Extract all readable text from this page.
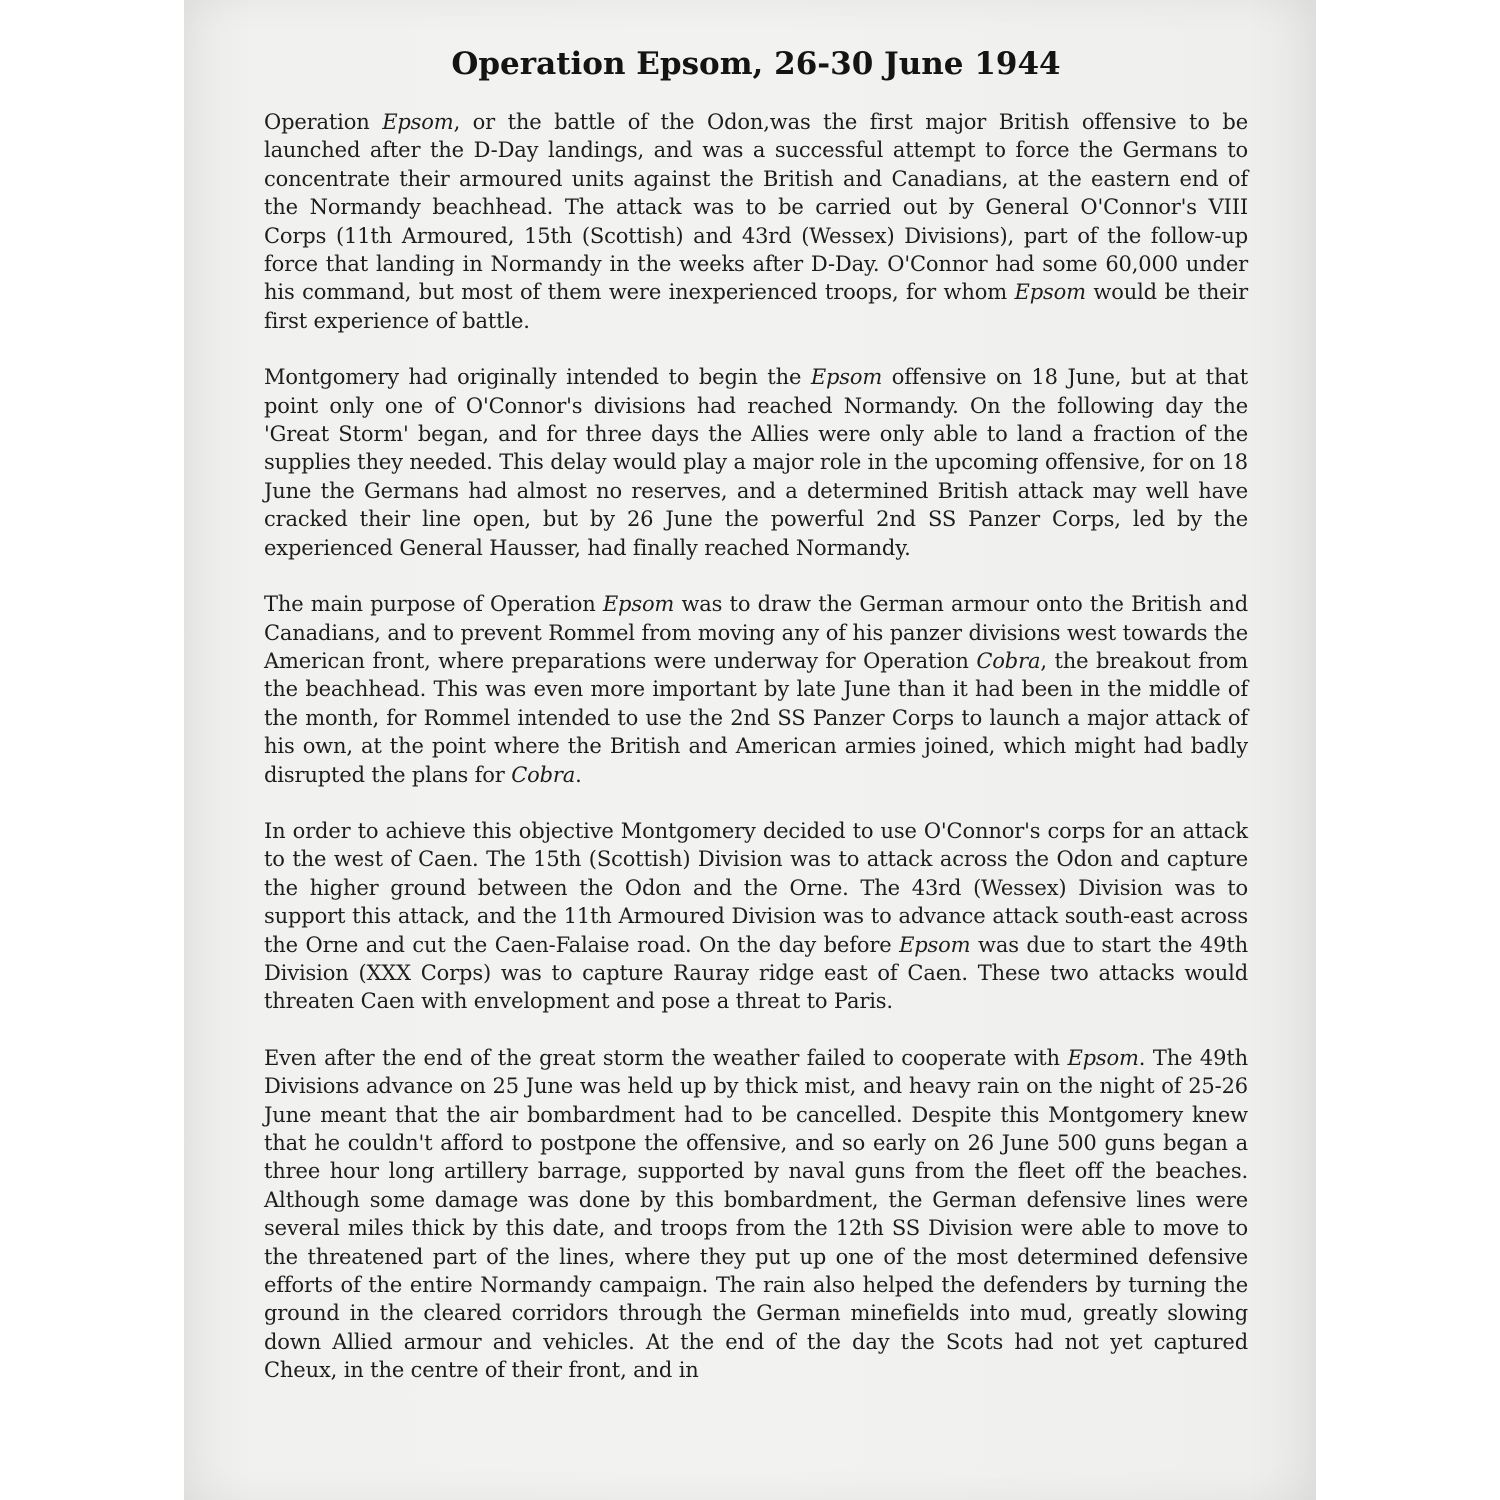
Operation Epsom, 26-30 June 1944

Operation Epsom, or the battle of the Odon,was the first major British offensive to be launched after the D-Day landings, and was a successful attempt to force the Germans to concentrate their armoured units against the British and Canadians, at the eastern end of the Normandy beachhead. The attack was to be carried out by General O'Connor's VIII Corps (11th Armoured, 15th (Scottish) and 43rd (Wessex) Divisions), part of the follow-up force that landing in Normandy in the weeks after D-Day. O'Connor had some 60,000 under his command, but most of them were inexperienced troops, for whom Epsom would be their first experience of battle.

Montgomery had originally intended to begin the Epsom offensive on 18 June, but at that point only one of O'Connor's divisions had reached Normandy. On the following day the 'Great Storm' began, and for three days the Allies were only able to land a fraction of the supplies they needed. This delay would play a major role in the upcoming offensive, for on 18 June the Germans had almost no reserves, and a determined British attack may well have cracked their line open, but by 26 June the powerful 2nd SS Panzer Corps, led by the experienced General Hausser, had finally reached Normandy.

The main purpose of Operation Epsom was to draw the German armour onto the British and Canadians, and to prevent Rommel from moving any of his panzer divisions west towards the American front, where preparations were underway for Operation Cobra, the breakout from the beachhead. This was even more important by late June than it had been in the middle of the month, for Rommel intended to use the 2nd SS Panzer Corps to launch a major attack of his own, at the point where the British and American armies joined, which might had badly disrupted the plans for Cobra.

In order to achieve this objective Montgomery decided to use O'Connor's corps for an attack to the west of Caen. The 15th (Scottish) Division was to attack across the Odon and capture the higher ground between the Odon and the Orne. The 43rd (Wessex) Division was to support this attack, and the 11th Armoured Division was to advance attack south-east across the Orne and cut the Caen-Falaise road. On the day before Epsom was due to start the 49th Division (XXX Corps) was to capture Rauray ridge east of Caen. These two attacks would threaten Caen with envelopment and pose a threat to Paris.

Even after the end of the great storm the weather failed to cooperate with Epsom. The 49th Divisions advance on 25 June was held up by thick mist, and heavy rain on the night of 25-26 June meant that the air bombardment had to be cancelled. Despite this Montgomery knew that he couldn't afford to postpone the offensive, and so early on 26 June 500 guns began a three hour long artillery barrage, supported by naval guns from the fleet off the beaches. Although some damage was done by this bombardment, the German defensive lines were several miles thick by this date, and troops from the 12th SS Division were able to move to the threatened part of the lines, where they put up one of the most determined defensive efforts of the entire Normandy campaign. The rain also helped the defenders by turning the ground in the cleared corridors through the German minefields into mud, greatly slowing down Allied armour and vehicles. At the end of the day the Scots had not yet captured Cheux, in the centre of their front, and in
